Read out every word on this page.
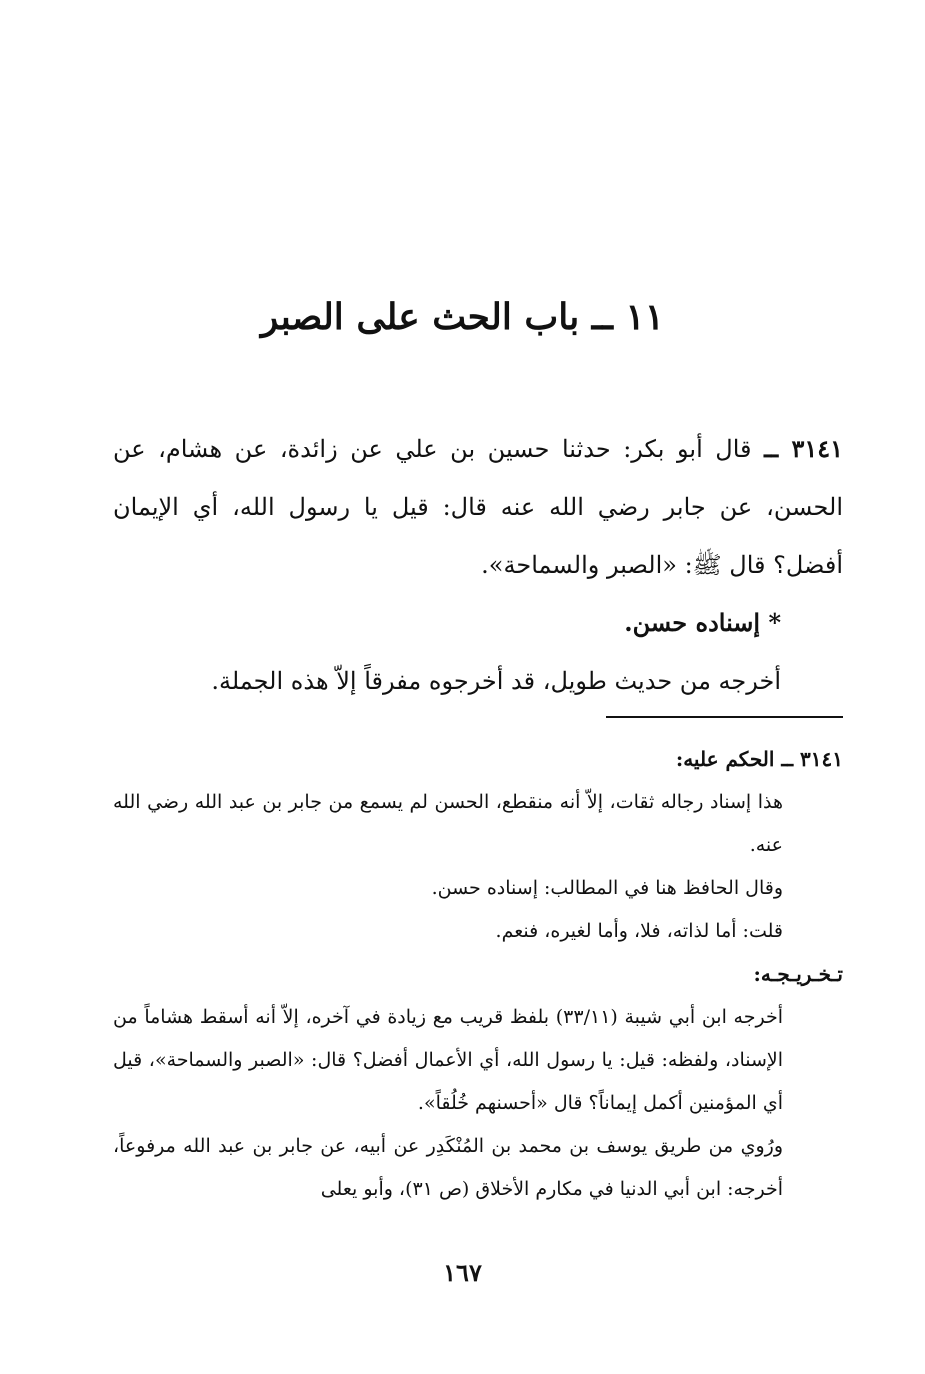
١١ ــ باب الحث على الصبر

٣١٤١ ــ قال أبو بكر: حدثنا حسين بن علي عن زائدة، عن هشام، عن الحسن، عن جابر رضي الله عنه قال: قيل يا رسول الله، أي الإيمان أفضل؟ قال ﷺ: «الصبر والسماحة».

* إسناده حسن.

أخرجه من حديث طويل، قد أخرجوه مفرقاً إلاّ هذه الجملة.

٣١٤١ ــ الحكم عليه:

هذا إسناد رجاله ثقات، إلاّ أنه منقطع، الحسن لم يسمع من جابر بن عبد الله رضي الله عنه.

وقال الحافظ هنا في المطالب: إسناده حسن.

قلت: أما لذاته، فلا، وأما لغيره، فنعم.

تـخـريـجـه:

أخرجه ابن أبي شيبة (٣٣/١١) بلفظ قريب مع زيادة في آخره، إلاّ أنه أسقط هشاماً من الإسناد، ولفظه: قيل: يا رسول الله، أي الأعمال أفضل؟ قال: «الصبر والسماحة»، قيل أي المؤمنين أكمل إيماناً؟ قال «أحسنهم خُلُقاً».

ورُوي من طريق يوسف بن محمد بن المُنْكَدِر عن أبيه، عن جابر بن عبد الله مرفوعاً، أخرجه: ابن أبي الدنيا في مكارم الأخلاق (ص ٣١)، وأبو يعلى

١٦٧
